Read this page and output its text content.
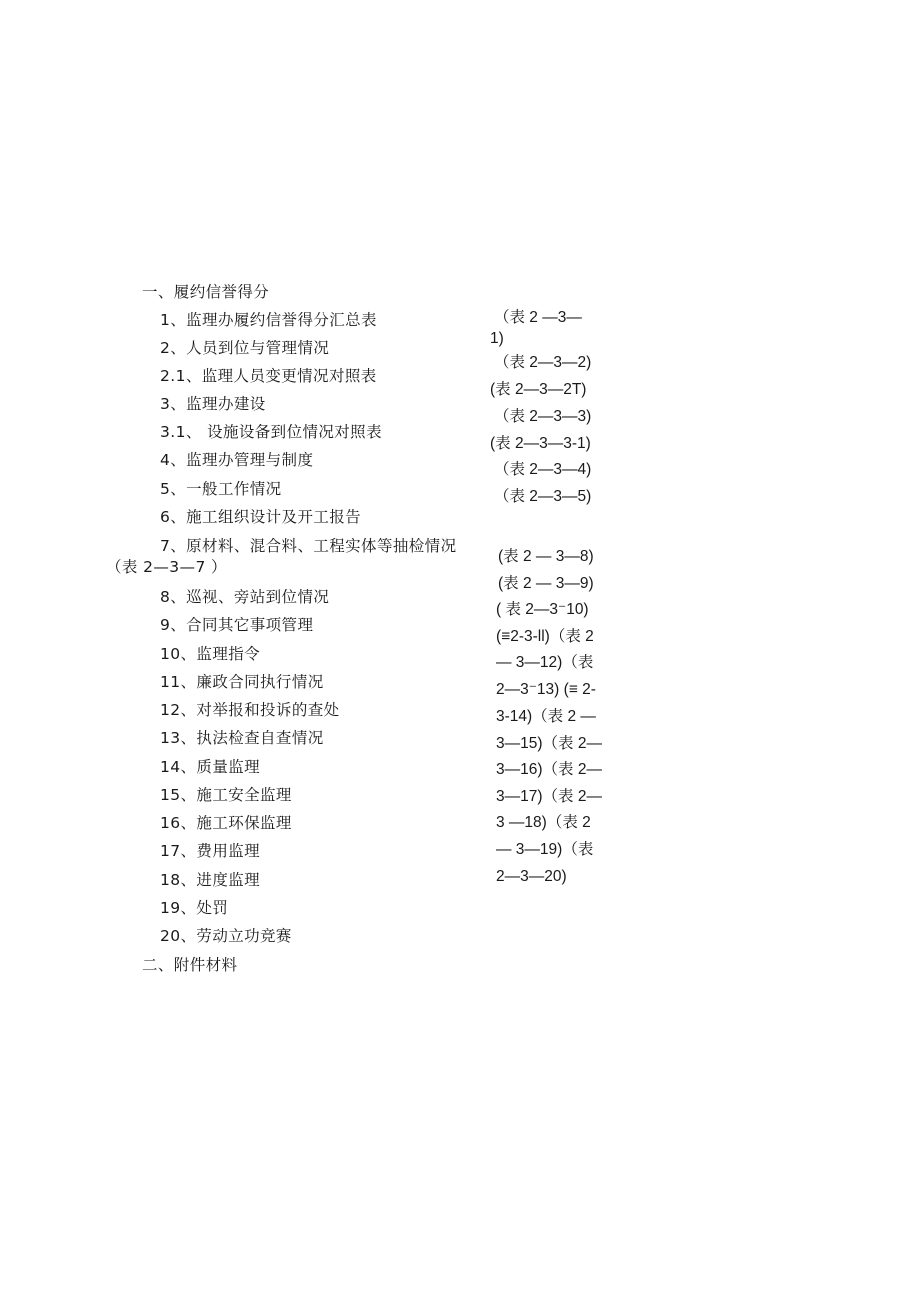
一、履约信誉得分
1、监理办履约信誉得分汇总表
2、人员到位与管理情况
2.1、监理人员变更情况对照表
3、监理办建设
3.1、 设施设备到位情况对照表
4、监理办管理与制度
5、一般工作情况
6、施工组织设计及开工报告
7、原材料、混合料、工程实体等抽检情况
（表 2—3—7 ）
8、巡视、旁站到位情况
9、合同其它事项管理
10、监理指令
11、廉政合同执行情况
12、对举报和投诉的查处
13、执法检查自查情况
14、质量监理
15、施工安全监理
16、施工环保监理
17、费用监理
18、进度监理
19、处罚
20、劳动立功竞赛
二、附件材料
（表 2 —3—
1)
（表 2—3—2)
(表 2—3—2T)
（表 2—3—3)
(表 2—3—3‑1)
（表 2—3—4)
（表 2—3—5)
(表 2 — 3—8)
(表 2 — 3—9)
( 表 2—3⁻10)
(≡2-3-ll)（表 2
— 3—12)（表
2—3⁻13) (≡ 2-
3-14)（表 2 —
3—15)（表 2—
3—16)（表 2—
3—17)（表 2—
3 —18)（表 2
— 3—19)（表
2—3—20)
